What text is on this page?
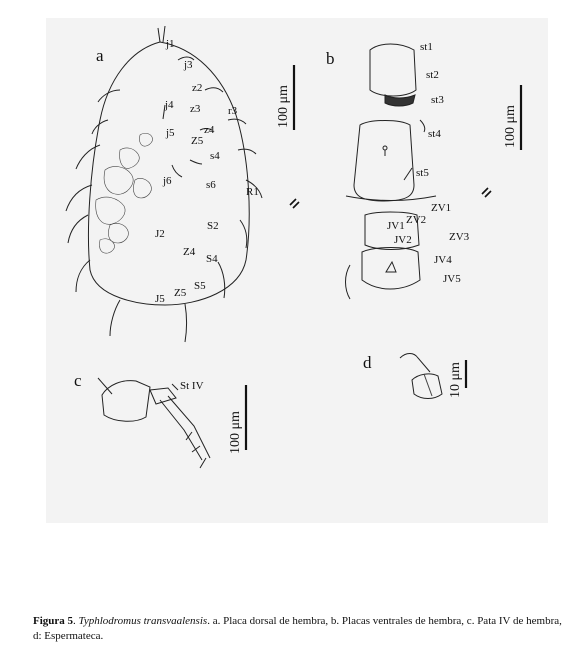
a	b
c
d
j1
j3
z2
j4 z3	r3
z4
j5
Z5
s4
j6	s6
R1
S2
J2
Z4
S4
S5
J5 Z5
st1
st2
st3
st4
st5
ZV1
ZV2
JV1
JV2	ZV3
JV4
JV5
St IV
100 μm	100 μm
100 μm
10 μm
Figura 5. Typhlodromus transvaalensis. a. Placa dorsal de hembra, b. Placas ventrales de hembra, c. Pata IV de hembra, d: Espermateca.
